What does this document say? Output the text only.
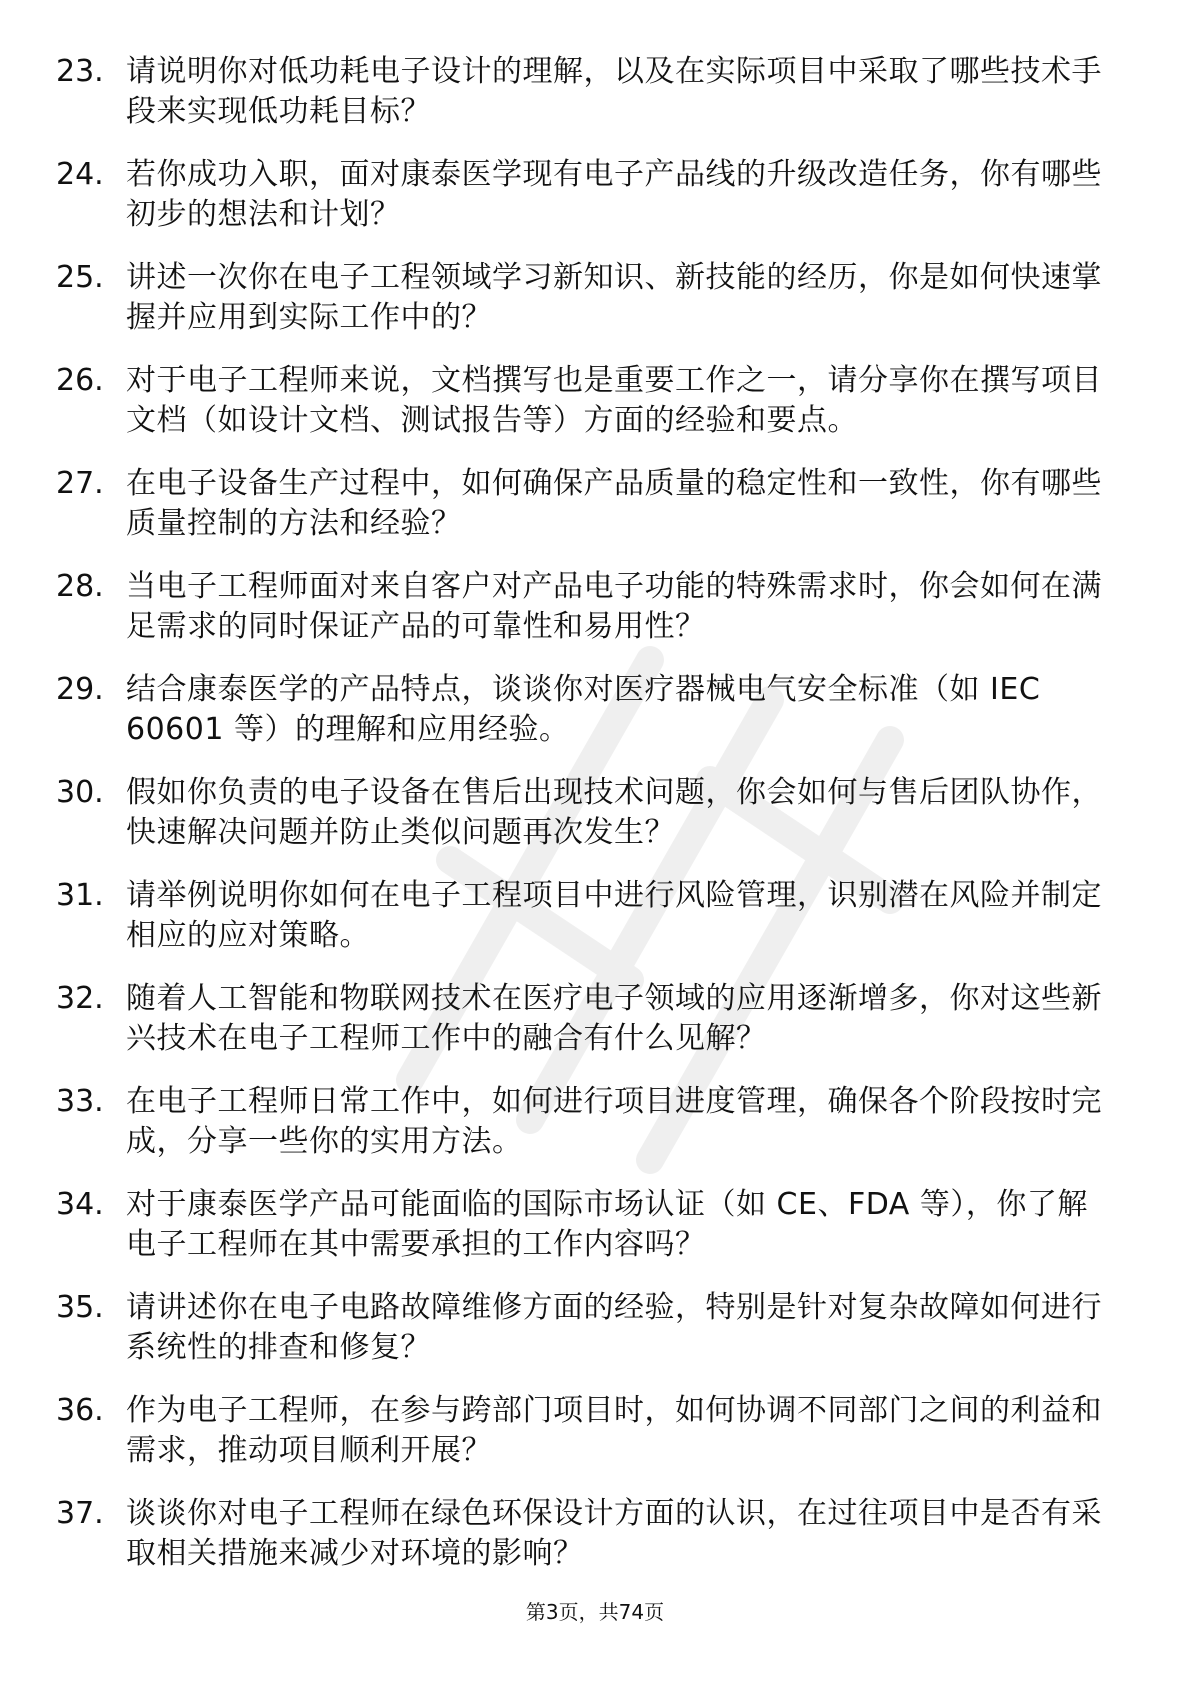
23. 请说明你对低功耗电子设计的理解，以及在实际项目中采取了哪些技术手段来实现低功耗目标？
24. 若你成功入职，面对康泰医学现有电子产品线的升级改造任务，你有哪些初步的想法和计划？
25. 讲述一次你在电子工程领域学习新知识、新技能的经历，你是如何快速掌握并应用到实际工作中的？
26. 对于电子工程师来说，文档撰写也是重要工作之一，请分享你在撰写项目文档（如设计文档、测试报告等）方面的经验和要点。
27. 在电子设备生产过程中，如何确保产品质量的稳定性和一致性，你有哪些质量控制的方法和经验？
28. 当电子工程师面对来自客户对产品电子功能的特殊需求时，你会如何在满足需求的同时保证产品的可靠性和易用性？
29. 结合康泰医学的产品特点，谈谈你对医疗器械电气安全标准（如 IEC 60601 等）的理解和应用经验。
30. 假如你负责的电子设备在售后出现技术问题，你会如何与售后团队协作，快速解决问题并防止类似问题再次发生？
31. 请举例说明你如何在电子工程项目中进行风险管理，识别潜在风险并制定相应的应对策略。
32. 随着人工智能和物联网技术在医疗电子领域的应用逐渐增多，你对这些新兴技术在电子工程师工作中的融合有什么见解？
33. 在电子工程师日常工作中，如何进行项目进度管理，确保各个阶段按时完成，分享一些你的实用方法。
34. 对于康泰医学产品可能面临的国际市场认证（如 CE、FDA 等），你了解电子工程师在其中需要承担的工作内容吗？
35. 请讲述你在电子电路故障维修方面的经验，特别是针对复杂故障如何进行系统性的排查和修复？
36. 作为电子工程师，在参与跨部门项目时，如何协调不同部门之间的利益和需求，推动项目顺利开展？
37. 谈谈你对电子工程师在绿色环保设计方面的认识，在过往项目中是否有采取相关措施来减少对环境的影响？
第3页，共74页
